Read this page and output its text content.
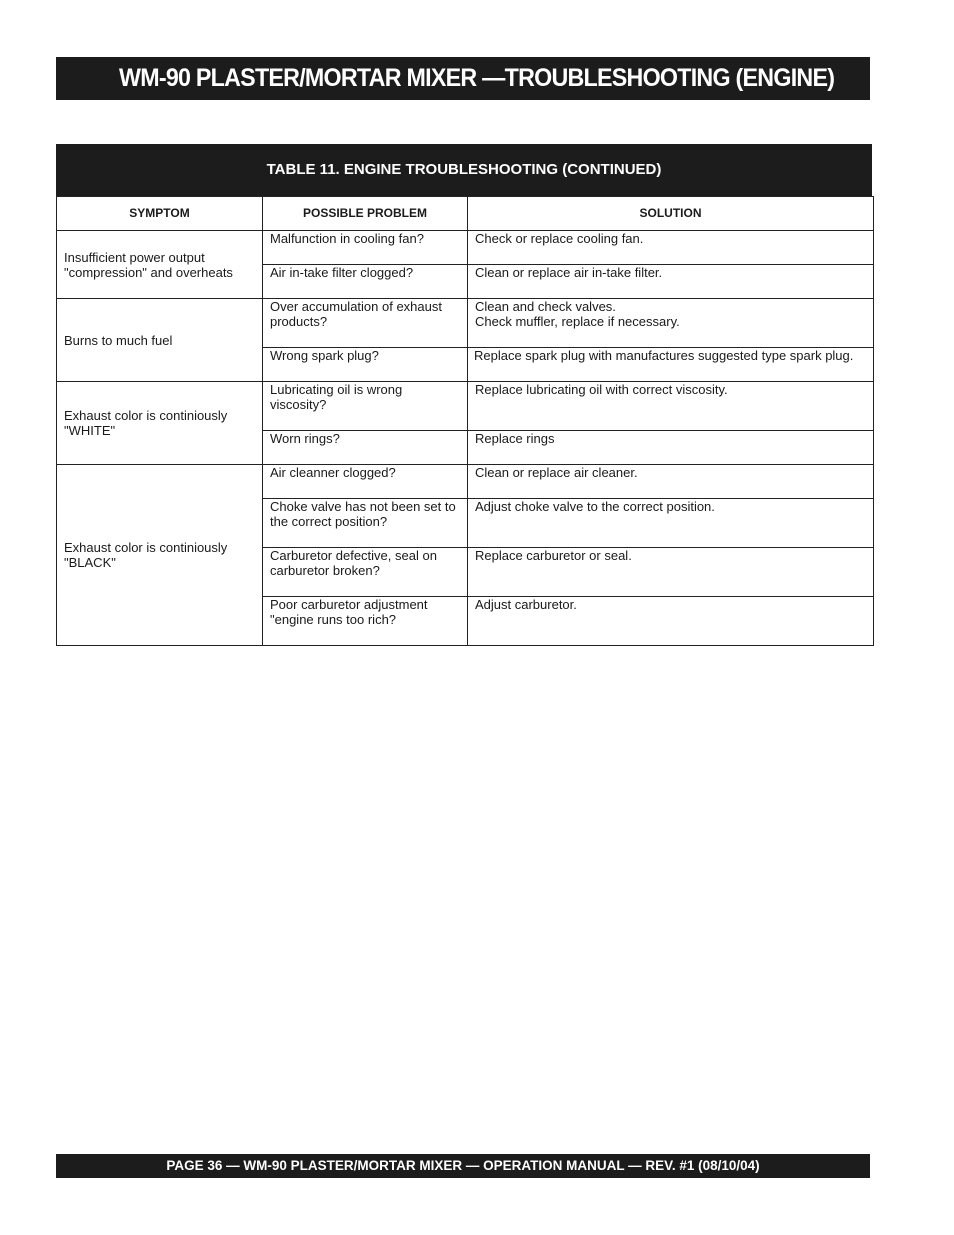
WM-90 PLASTER/MORTAR MIXER —TROUBLESHOOTING (ENGINE)
TABLE 11. ENGINE TROUBLESHOOTING (CONTINUED)
SYMPTOM	POSSIBLE PROBLEM	SOLUTION

Insufficient power output
"compression" and overheats	Malfunction in cooling fan?	Check or replace cooling fan.

	Air in-take filter clogged?	Clean or replace air in-take filter.

Burns to much fuel	Over accumulation of exhaust
products?	Clean and check valves.
Check muffler, replace if necessary.

	Wrong spark plug?	Replace spark plug with manufactures suggested type spark plug.

Exhaust color is continiously
"WHITE"	Lubricating oil is wrong
viscosity?	Replace lubricating oil with correct viscosity.

	Worn rings?	Replace rings

Exhaust color is continiously
"BLACK"	Air cleanner clogged?	Clean or replace air cleaner.

	Choke valve has not been set to
the correct position?	Adjust choke valve to the correct position.

	Carburetor defective, seal on
carburetor broken?	Replace carburetor or seal.

	Poor carburetor adjustment
"engine runs too rich?	Adjust carburetor.
PAGE 36 — WM-90 PLASTER/MORTAR MIXER — OPERATION MANUAL — REV. #1 (08/10/04)
